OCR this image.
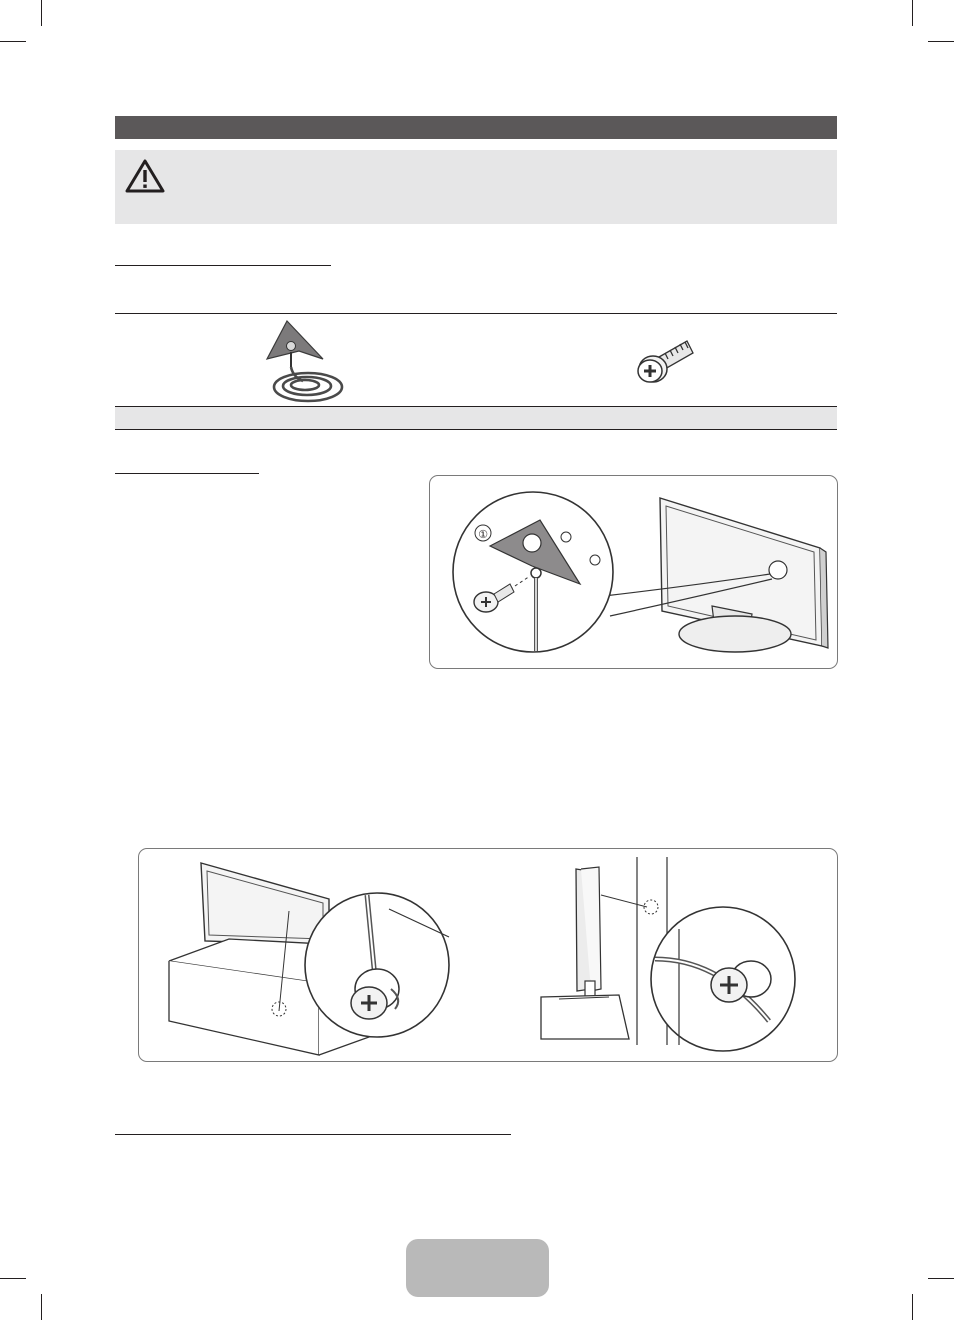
①
